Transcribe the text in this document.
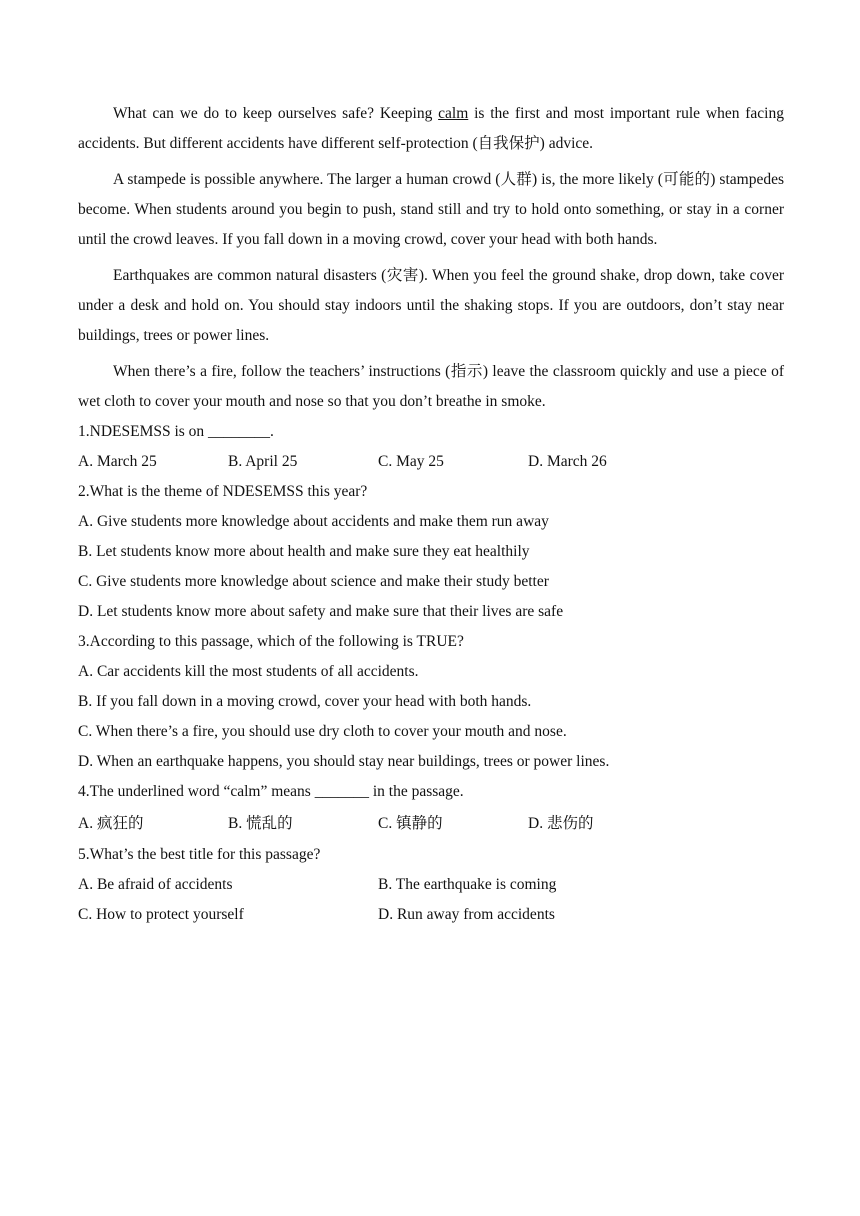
What can we do to keep ourselves safe? Keeping calm is the first and most important rule when facing accidents. But different accidents have different self-protection (自我保护) advice.

A stampede is possible anywhere. The larger a human crowd (人群) is, the more likely (可能的) stampedes become. When students around you begin to push, stand still and try to hold onto something, or stay in a corner until the crowd leaves. If you fall down in a moving crowd, cover your head with both hands.

Earthquakes are common natural disasters (灾害). When you feel the ground shake, drop down, take cover under a desk and hold on. You should stay indoors until the shaking stops. If you are outdoors, don’t stay near buildings, trees or power lines.

When there’s a fire, follow the teachers’ instructions (指示) leave the classroom quickly and use a piece of wet cloth to cover your mouth and nose so that you don’t breathe in smoke.

1.NDESEMSS is on ________.

A. March 25	B. April 25	C. May 25	D. March 26

2.What is the theme of NDESEMSS this year?

A. Give students more knowledge about accidents and make them run away

B. Let students know more about health and make sure they eat healthily

C. Give students more knowledge about science and make their study better

D. Let students know more about safety and make sure that their lives are safe

3.According to this passage, which of the following is TRUE?

A. Car accidents kill the most students of all accidents.

B. If you fall down in a moving crowd, cover your head with both hands.

C. When there’s a fire, you should use dry cloth to cover your mouth and nose.

D. When an earthquake happens, you should stay near buildings, trees or power lines.

4.The underlined word “calm” means _______ in the passage.

A. 疯狂的	B. 慌乱的	C. 镇静的	D. 悲伤的

5.What’s the best title for this passage?

A. Be afraid of accidents	B. The earthquake is coming
C. How to protect yourself	D. Run away from accidents
